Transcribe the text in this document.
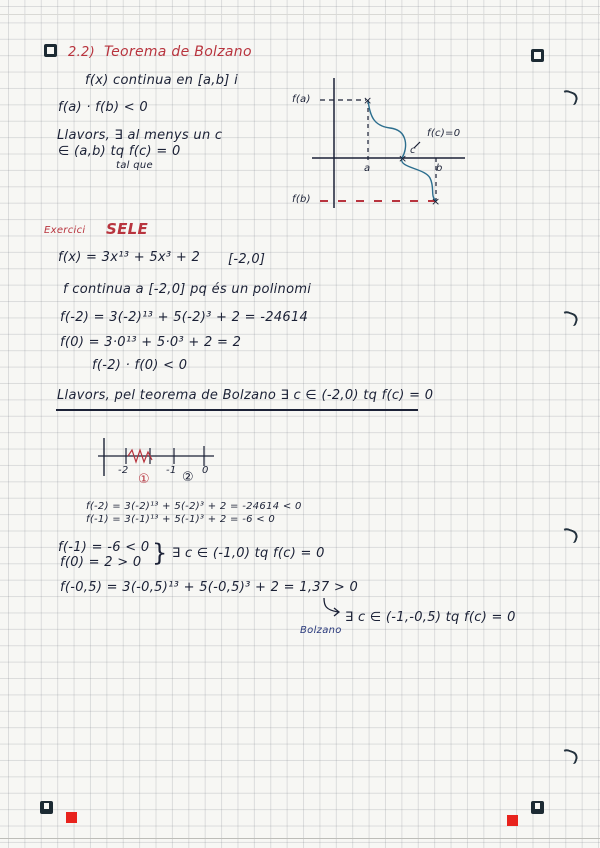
2.2) Teorema de Bolzano
f(x) continua en [a,b] i
f(a) · f(b) < 0
Llavors, ∃ al menys un c
∈ (a,b) tq f(c) = 0
tal que
×
×
×
f(a)
f(b)
f(c)=0
a
c
b
Exercici SELE
f(x) = 3x¹³ + 5x³ + 2 [-2,0]
f continua a [-2,0] pq és un polinomi
f(-2) = 3(-2)¹³ + 5(-2)³ + 2 = -24614
f(0) = 3·0¹³ + 5·0³ + 2 = 2
f(-2) · f(0) < 0
Llavors, pel teorema de Bolzano ∃ c ∈ (-2,0) tq f(c) = 0
-2	-1	0
① ②
f(-2) = 3(-2)¹³ + 5(-2)³ + 2 = -24614 < 0
f(-1) = 3(-1)¹³ + 5(-1)³ + 2 = -6 < 0
f(-1) = -6 < 0
f(0) = 2 > 0 } ∃ c ∈ (-1,0) tq f(c) = 0
f(-0,5) = 3(-0,5)¹³ + 5(-0,5)³ + 2 = 1,37 > 0
∃ c ∈ (-1,-0,5) tq f(c) = 0
Bolzano
